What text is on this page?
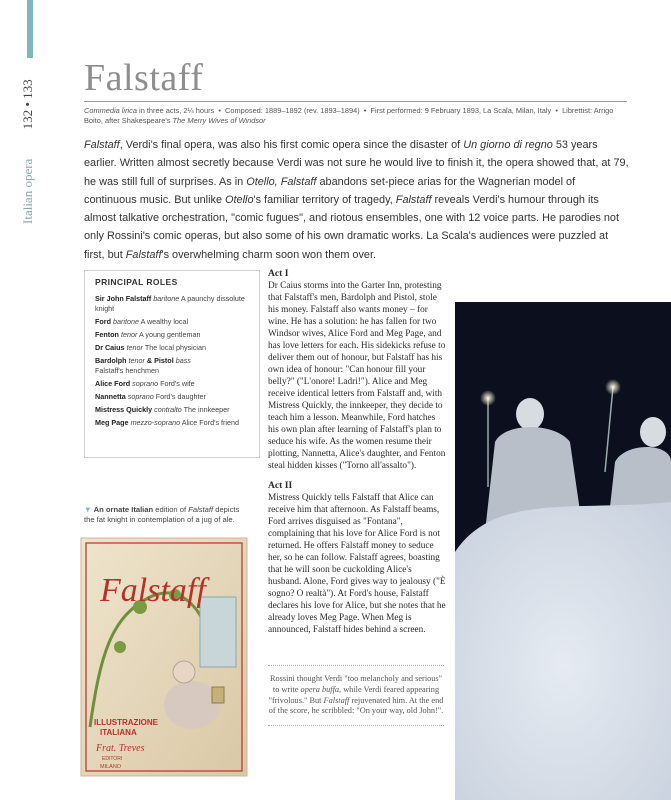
Italian opera         132 • 133
Falstaff
Commedia lirica in three acts, 2¼ hours  •  Composed: 1889–1892 (rev. 1893–1894)  •  First performed: 9 February 1893, La Scala, Milan, Italy  •  Librettist: Arrigo Boito, after Shakespeare's The Merry Wives of Windsor

Falstaff, Verdi's final opera, was also his first comic opera since the disaster of Un giorno di regno 53 years earlier. Written almost secretly because Verdi was not sure he would live to finish it, the opera showed that, at 79, he was still full of surprises. As in Otello, Falstaff abandons set-piece arias for the Wagnerian model of continuous music. But unlike Otello's familiar territory of tragedy, Falstaff reveals Verdi's humour through its almost talkative orchestration, "comic fugues", and riotous ensembles, one with 12 voice parts. He parodies not only Rossini's comic operas, but also some of his own dramatic works. La Scala's audiences were puzzled at first, but Falstaff's overwhelming charm soon won them over.

PRINCIPAL ROLES
Sir John Falstaff baritone A paunchy dissolute knight
Ford baritone A wealthy local
Fenton tenor A young gentleman
Dr Caius tenor The local physician
Bardolph tenor & Pistol bass
Falstaff's henchmen
Alice Ford soprano Ford's wife
Nannetta soprano Ford's daughter
Mistress Quickly contralto The innkeeper
Meg Page mezzo-soprano Alice Ford's friend
▼ An ornate Italian edition of Falstaff depicts the fat knight in contemplation of a jug of ale.
Falstaff
ILLUSTRAZIONE
ITALIANA
Frat. Treves
EDITORI
MILANO
Act I

Dr Caius storms into the Garter Inn, protesting that Falstaff's men, Bardolph and Pistol, stole his money. Falstaff also wants money – for wine. He has a solution: he has fallen for two Windsor wives, Alice Ford and Meg Page, and has love letters for each. His sidekicks refuse to deliver them out of honour, but Falstaff has his own idea of honour: "Can honour fill your belly?" ("L'onore! Ladri!"). Alice and Meg receive identical letters from Falstaff and, with Mistress Quickly, the innkeeper, they decide to teach him a lesson. Meanwhile, Ford hatches his own plan after learning of Falstaff's plan to seduce his wife. As the women resume their plotting, Nannetta, Alice's daughter, and Fenton steal hidden kisses ("Torno all'assalto").

Act II

Mistress Quickly tells Falstaff that Alice can receive him that afternoon. As Falstaff beams, Ford arrives disguised as "Fontana", complaining that his love for Alice Ford is not returned. He offers Falstaff money to seduce her, so he can follow. Falstaff agrees, boasting that he will soon be cuckolding Alice's husband. Alone, Ford gives way to jealousy ("È sogno? O realtà"). At Ford's house, Falstaff declares his love for Alice, but she notes that he already loves Meg Page. When Meg is announced, Falstaff hides behind a screen.

Rossini thought Verdi "too melancholy and serious" to write opera buffa, while Verdi feared appearing "frivolous." But Falstaff rejuvenated him. At the end of the score, he scribbled: "On your way, old John!".
